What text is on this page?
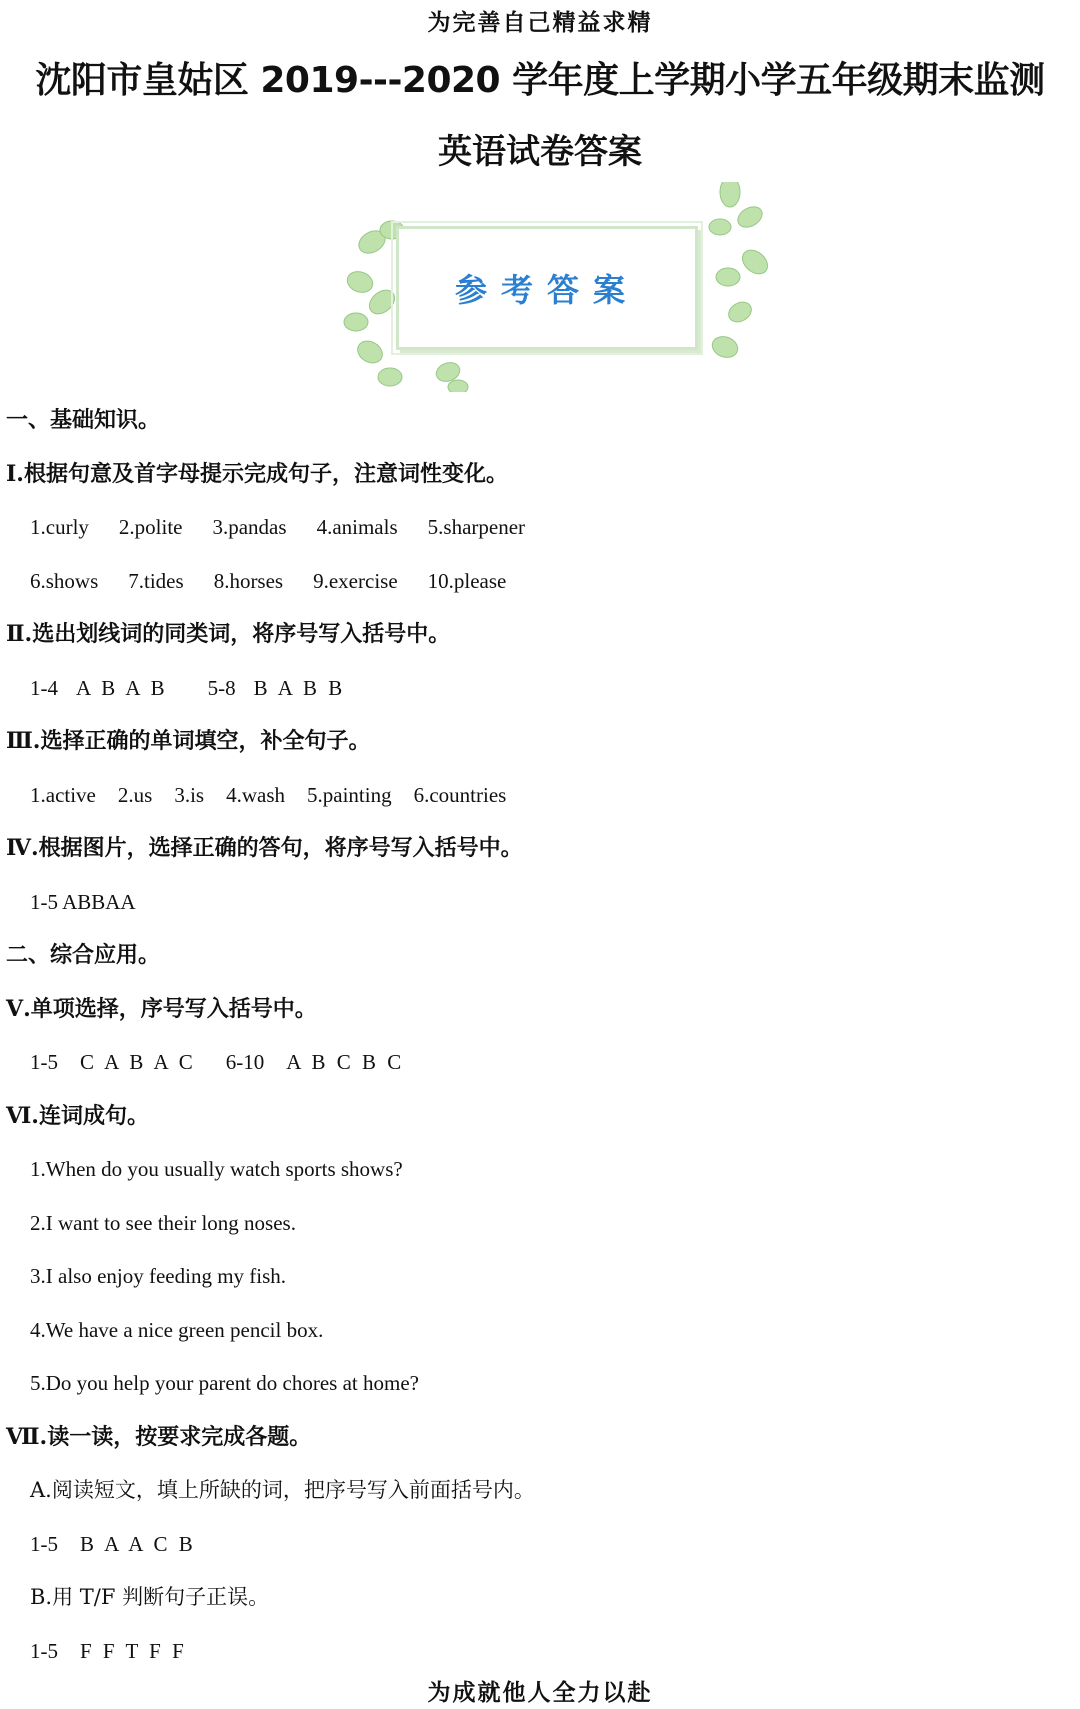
为完善自己精益求精
沈阳市皇姑区 2019---2020 学年度上学期小学五年级期末监测
英语试卷答案
参考答案
一、基础知识。
Ⅰ.根据句意及首字母提示完成句子，注意词性变化。
1.curly 2.polite 3.pandas 4.animals 5.sharpener
6.shows 7.tides 8.horses 9.exercise 10.please
Ⅱ.选出划线词的同类词，将序号写入括号中。
1-4 A B A B 5-8 B A B B
Ⅲ.选择正确的单词填空，补全句子。
1.active 2.us 3.is 4.wash 5.painting 6.countries
Ⅳ.根据图片，选择正确的答句，将序号写入括号中。
1-5 ABBAA
二、综合应用。
Ⅴ.单项选择，序号写入括号中。
1-5 C A B A C 6-10 A B C B C
Ⅵ.连词成句。
1.When do you usually watch sports shows?
2.I want to see their long noses.
3.I also enjoy feeding my fish.
4.We have a nice green pencil box.
5.Do you help your parent do chores at home?
Ⅶ.读一读，按要求完成各题。
A.阅读短文，填上所缺的词，把序号写入前面括号内。
1-5 B A A C B
B.用 T/F 判断句子正误。
1-5 F F T F F
为成就他人全力以赴
